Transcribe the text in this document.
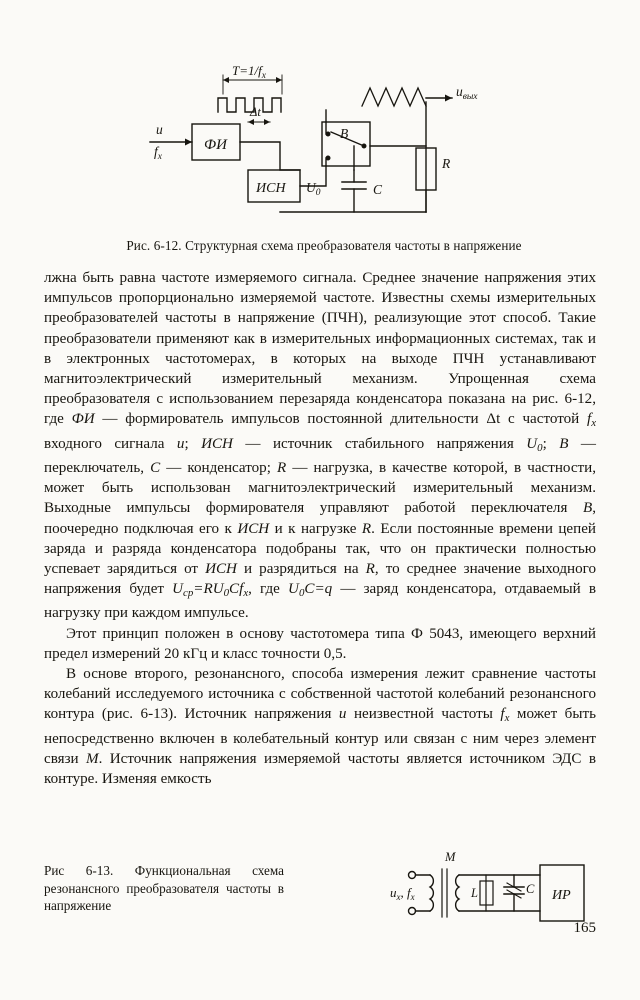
$T=1/f_x$
Δt
u
$f_x$
ФИ
ИСН
B
$U_0$
R
C
$u_{вых}$
Рис. 6-12. Структурная схема преобразователя частоты в напряжение

лжна быть равна частоте измеряемого сигнала. Среднее значение напряжения этих импульсов пропорционально измеряемой частоте. Известны схемы измерительных преобразователей частоты в напряжение (ПЧН), реализующие этот способ. Такие преобразователи применяют как в измерительных информационных системах, так и в электронных частотомерах, в которых на выходе ПЧН устанавливают магнитоэлектрический измерительный механизм. Упрощенная схема преобразователя с использованием перезаряда конденсатора показана на рис. 6-12, где ФИ — формирователь импульсов постоянной длительности Δt с частотой $f_x$ входного сигнала u; ИСН — источник стабильного напряжения $U_0$; B — переключатель, C — конденсатор; R — нагрузка, в качестве которой, в частности, может быть использован магнитоэлектрический измерительный механизм. Выходные импульсы формирователя управляют работой переключателя B, поочередно подключая его к ИСН и к нагрузке R. Если постоянные времени цепей заряда и разряда конденсатора подобраны так, что он практически полностью успевает зарядиться от ИСН и разрядиться на R, то среднее значение выходного напряжения будет $U_{ср}=RU_0Cf_x$, где $U_0C=q$ — заряд конденсатора, отдаваемый в нагрузку при каждом импульсе.

Этот принцип положен в основу частотомера типа Ф 5043, имеющего верхний предел измерений 20 кГц и класс точности 0,5.

В основе второго, резонансного, способа измерения лежит сравнение частоты колебаний исследуемого источника с собственной частотой колебаний резонансного контура (рис. 6-13). Источник напряжения u неизвестной частоты $f_x$ может быть непосредственно включен в колебательный контур или связан с ним через элемент связи M. Источник напряжения измеряемой частоты является источником ЭДС в контуре. Изменяя емкость

Рис 6-13. Функциональная схема резонансного преобразователя частоты в напряжение
M
$u_x$, $f_x$	L	C ИР
165
